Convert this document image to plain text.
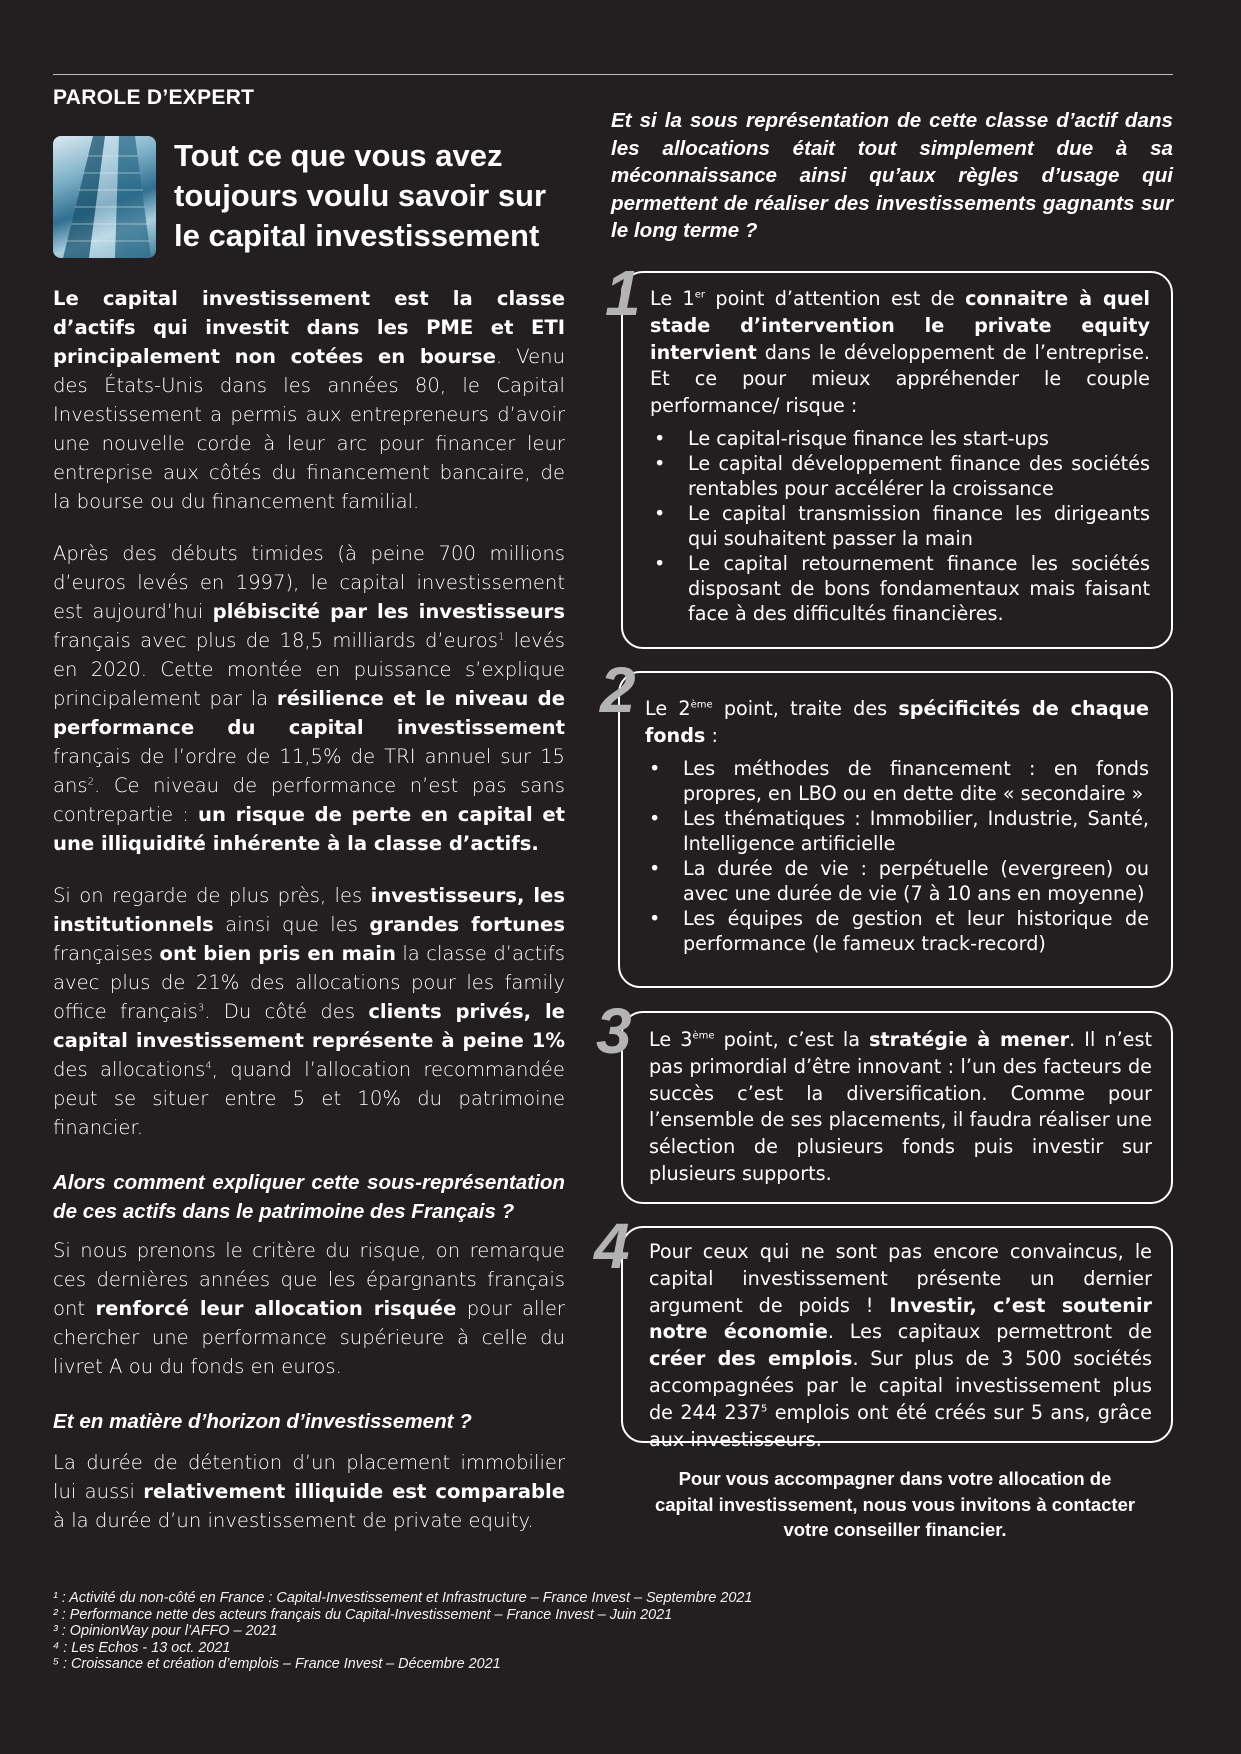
PAROLE D’EXPERT
Tout ce que vous avez toujours voulu savoir sur le capital investissement

Le capital investissement est la classe d’actifs qui investit dans les PME et ETI principalement non cotées en bourse. Venu des États-Unis dans les années 80, le Capital Investissement a permis aux entrepreneurs d’avoir une nouvelle corde à leur arc pour financer leur entreprise aux côtés du financement bancaire, de la bourse ou du financement familial.

Après des débuts timides (à peine 700 millions d’euros levés en 1997), le capital investissement est aujourd’hui plébiscité par les investisseurs français avec plus de 18,5 milliards d’euros$^1$ levés en 2020. Cette montée en puissance s’explique principalement par la résilience et le niveau de performance du capital investissement français de l’ordre de 11,5% de TRI annuel sur 15 ans$^2$. Ce niveau de performance n’est pas sans contrepartie : un risque de perte en capital et une illiquidité inhérente à la classe d’actifs.

Si on regarde de plus près, les investisseurs, les institutionnels ainsi que les grandes fortunes françaises ont bien pris en main la classe d’actifs avec plus de 21% des allocations pour les family office français$^3$. Du côté des clients privés, le capital investissement représente à peine 1% des allocations$^4$, quand l’allocation recommandée peut se situer entre 5 et 10% du patrimoine financier.

Alors comment expliquer cette sous-représentation de ces actifs dans le patrimoine des Français ?

Si nous prenons le critère du risque, on remarque ces dernières années que les épargnants français ont renforcé leur allocation risquée pour aller chercher une performance supérieure à celle du livret A ou du fonds en euros.

Et en matière d’horizon d’investissement ?

La durée de détention d’un placement immobilier lui aussi relativement illiquide est comparable à la durée d’un investissement de private equity.

Et si la sous représentation de cette classe d’actif dans les allocations était tout simplement due à sa méconnaissance ainsi qu’aux règles d’usage qui permettent de réaliser des investissements gagnants sur le long terme ?

1 Le 1er point d’attention est de connaitre à quel stade d’intervention le private equity intervient dans le développement de l’entreprise. Et ce pour mieux appréhender le couple performance/ risque :
• Le capital-risque finance les start-ups
• Le capital développement finance des sociétés rentables pour accélérer la croissance
• Le capital transmission finance les dirigeants qui souhaitent passer la main
• Le capital retournement finance les sociétés disposant de bons fondamentaux mais faisant face à des difficultés financières.
2 Le 2ème point, traite des spécificités de chaque fonds :
• Les méthodes de financement : en fonds propres, en LBO ou en dette dite « secondaire »
• Les thématiques : Immobilier, Industrie, Santé, Intelligence artificielle
• La durée de vie : perpétuelle (evergreen) ou avec une durée de vie (7 à 10 ans en moyenne)
• Les équipes de gestion et leur historique de performance (le fameux track-record)
3 Le 3ème point, c’est la stratégie à mener. Il n’est pas primordial d’être innovant : l’un des facteurs de succès c’est la diversification. Comme pour l’ensemble de ses placements, il faudra réaliser une sélection de plusieurs fonds puis investir sur plusieurs supports.
4 Pour ceux qui ne sont pas encore convaincus, le capital investissement présente un dernier argument de poids ! Investir, c’est soutenir notre économie. Les capitaux permettront de créer des emplois. Sur plus de 3 500 sociétés accompagnées par le capital investissement plus de 244 $237^5$ emplois ont été créés sur 5 ans, grâce aux investisseurs.
Pour vous accompagner dans votre allocation de capital investissement, nous vous invitons à contacter votre conseiller financier.
¹ : Activité du non-côté en France : Capital-Investissement et Infrastructure – France Invest – Septembre 2021
² : Performance nette des acteurs français du Capital-Investissement – France Invest – Juin 2021
³ : OpinionWay pour l’AFFO – 2021
⁴ : Les Echos - 13 oct. 2021
⁵ : Croissance et création d’emplois – France Invest – Décembre 2021
